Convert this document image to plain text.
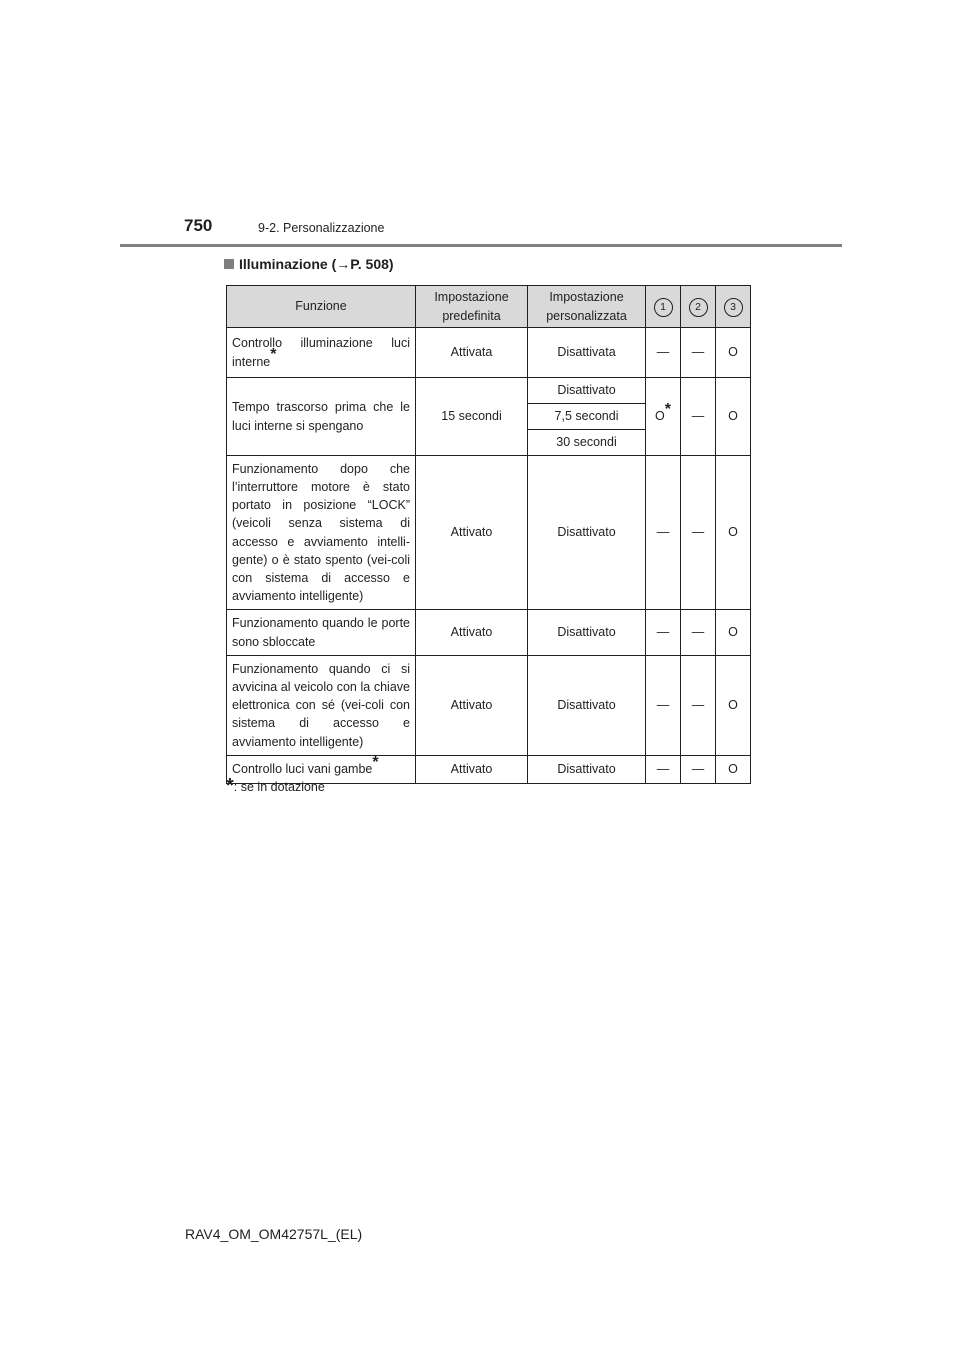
750	9-2. Personalizzazione
Illuminazione (→P. 508)
Funzione	Impostazione predefinita	Impostazione personalizzata	1	2	3
Controllo illuminazione luci interne*	Attivata	Disattivata	—	—	O
Tempo trascorso prima che le luci interne si spengano	15 secondi	Disattivato	O*	—	O
		7,5 secondi			
		30 secondi			
Funzionamento dopo che l’interruttore motore è stato portato in posizione “LOCK” (veicoli senza sistema di accesso e avviamento intelli-gente) o è stato spento (vei-coli con sistema di accesso e avviamento intelligente)	Attivato	Disattivato	—	—	O
Funzionamento quando le porte sono sbloccate	Attivato	Disattivato	—	—	O
Funzionamento quando ci si avvicina al veicolo con la chiave elettronica con sé (vei-coli con sistema di accesso e avviamento intelligente)	Attivato	Disattivato	—	—	O
Controllo luci vani gambe*	Attivato	Disattivato	—	—	O
*: se in dotazione
RAV4_OM_OM42757L_(EL)
